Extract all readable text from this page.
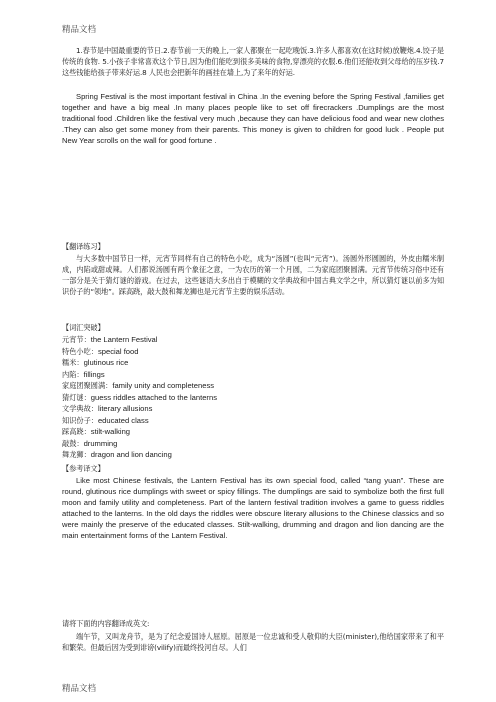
精品文档
1.春节是中国最重要的节日.2.春节前一天的晚上,一家人都聚在一起吃晚饭.3.许多人都喜欢(在这时候)放鞭炮.4.饺子是传统的食物. 5.小孩子非常喜欢这个节日,因为他们能吃到很多美味的食物,穿漂亮的衣服.6.他们还能收到父母给的压岁钱.7 这些钱能给孩子带来好运.8 人民也会把新年的画挂在墙上,为了来年的好运.
Spring Festival is the most important festival in China .In the evening before the Spring Festival ,families get together and have a big meal .In many places people like to set off firecrackers .Dumplings are the most traditional food .Children like the festival very much ,because they can have delicious food and wear new clothes .They can also get some money from their parents. This money is given to children for good luck . People put New Year scrolls on the wall for good fortune .
【翻译练习】
与大多数中国节日一样，元宵节同样有自己的特色小吃，成为“汤圆”(也叫“元宵”)。汤圆外形圆圆的，外皮由糯米制成，内陷或甜或辣。人们都说汤圆有两个象征之意，一为农历的第一个月圆，二为家庭团聚圆满。元宵节传统习俗中还有一部分是关于猜灯谜的游戏。在过去，这些谜语大多出自于模糊的文学典故和中国古典文学之中，所以猜灯谜以前多为知识份子的“领地”。踩高跷，敲大鼓和舞龙狮也是元宵节主要的娱乐活动。
【词汇突破】

元宵节：the Lantern Festival

特色小吃：special food

糯米：glutinous rice

内陷：fillings

家庭团聚圆满：family unity and completeness

猜灯谜：guess riddles attached to the lanterns

文学典故：literary allusions

知识份子：educated class

踩高跷：stilt-walking

敲鼓：drumming

舞龙狮：dragon and lion dancing

【参考译文】
Like most Chinese festivals, the Lantern Festival has its own special food, called “tang yuan”. These are round, glutinous rice dumplings with sweet or spicy fillings. The dumplings are said to symbolize both the first full moon and family utility and completeness. Part of the lantern festival tradition involves a game to guess riddles attached to the lanterns. In the old days the riddles were obscure literary allusions to the Chinese classics and so were mainly the preserve of the educated classes. Stilt-walking, drumming and dragon and lion dancing are the main entertainment forms of the Lantern Festival.
请将下面的内容翻译成英文:
端午节，又叫龙舟节，是为了纪念爱国诗人屈原。屈原是一位忠诚和受人敬仰的大臣(minister),他给国家带来了和平和繁荣。但最后因为受到诽谤(vilify)而最终投河自尽。人们
精品文档
